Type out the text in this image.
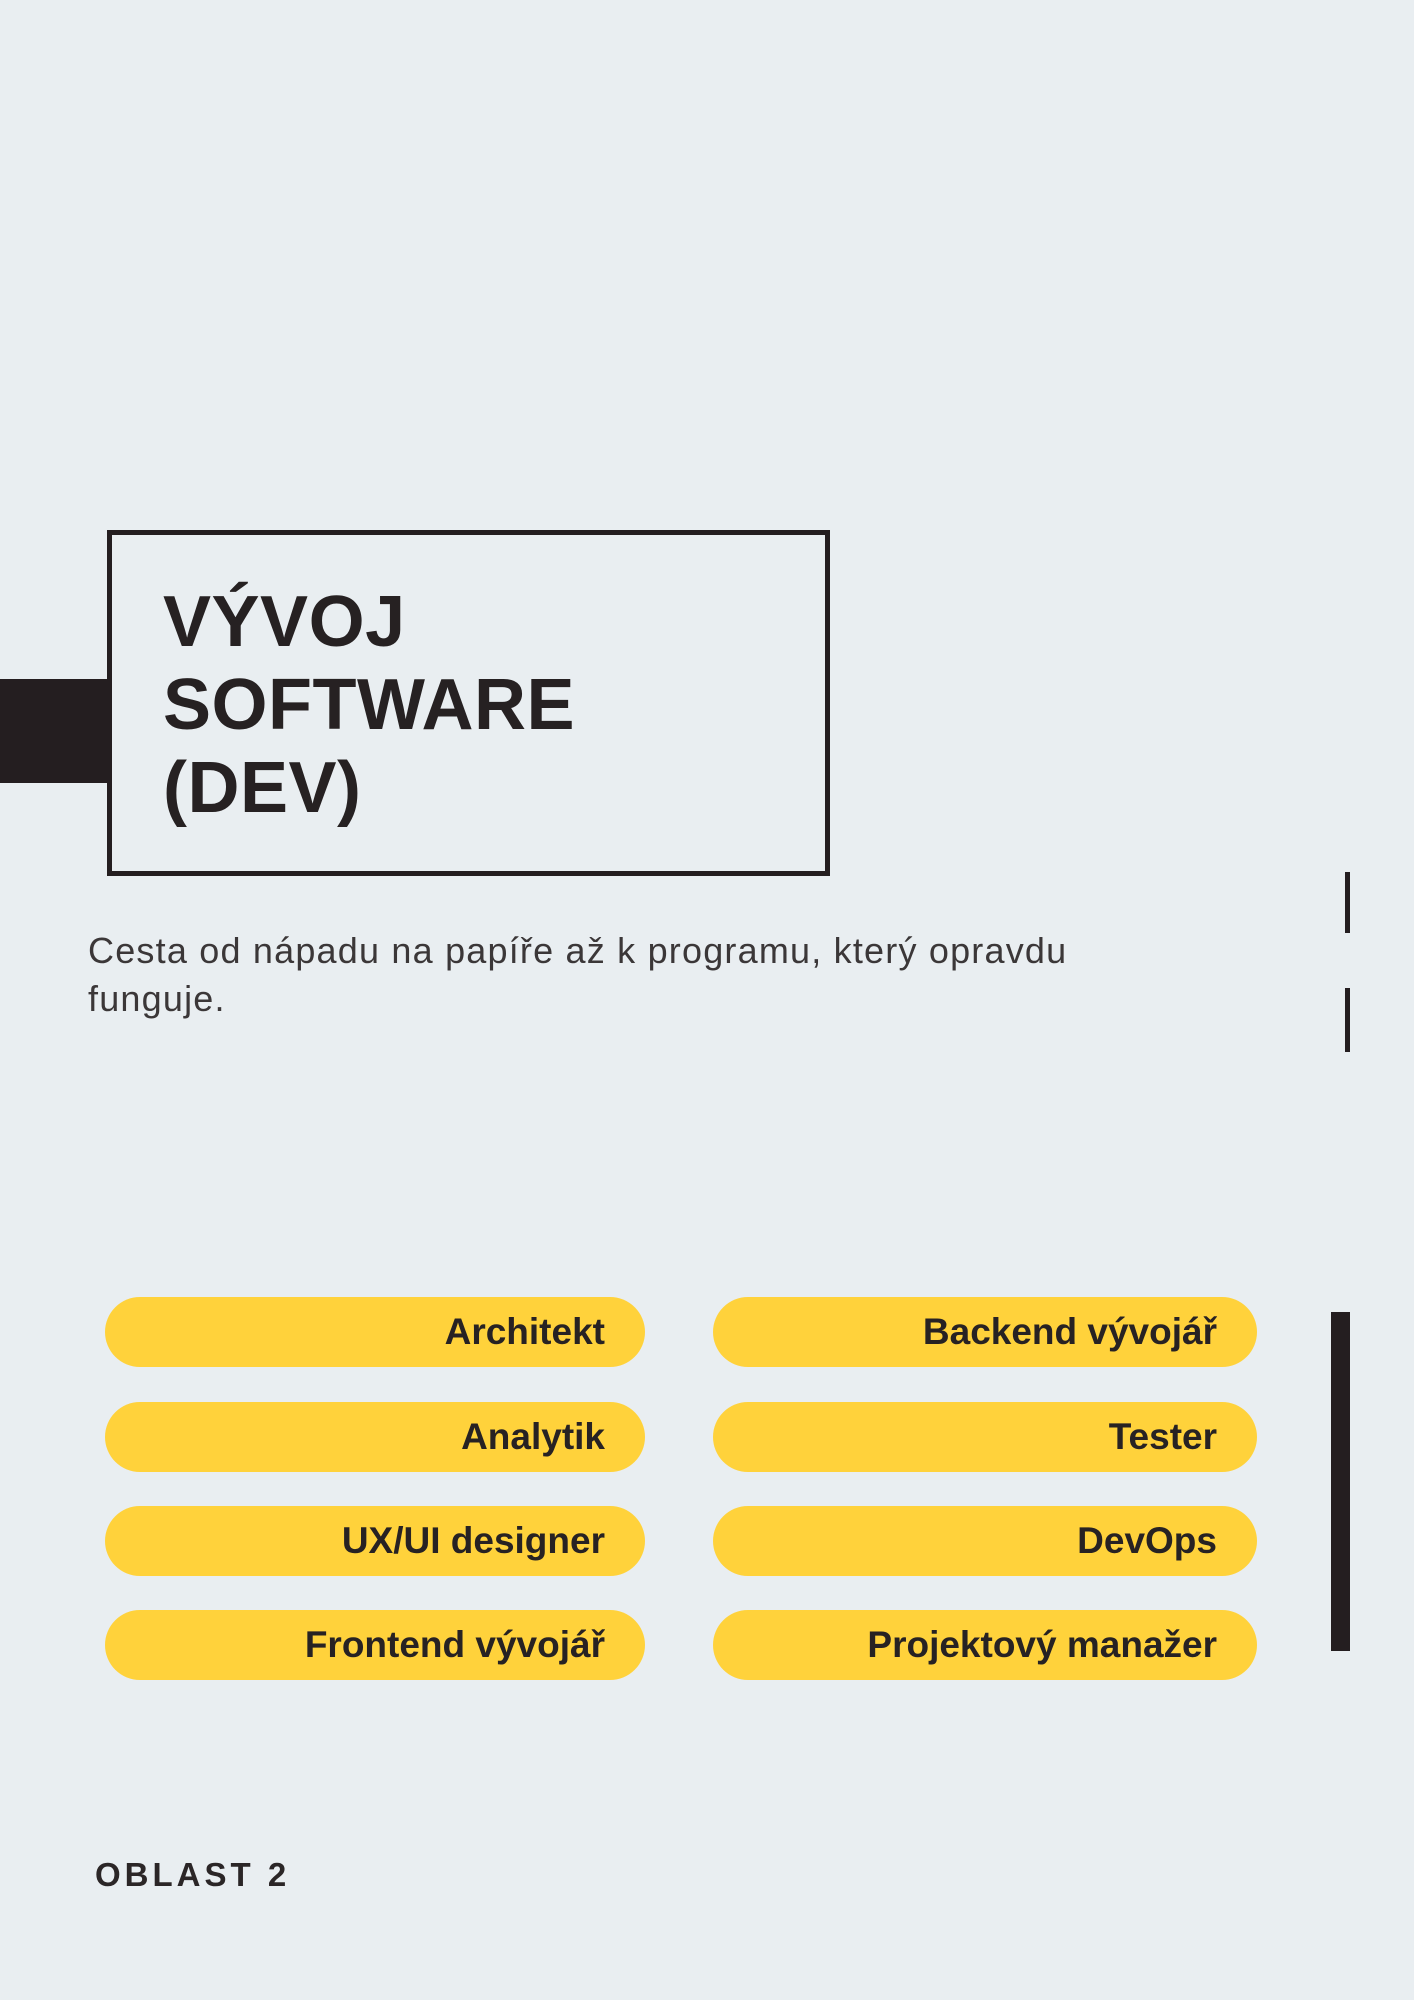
VÝVOJ
SOFTWARE
(DEV)
Cesta od nápadu na papíře až k programu, který opravdu
funguje.
Architekt
Analytik
UX/UI designer
Frontend vývojář
Backend vývojář
Tester
DevOps
Projektový manažer
OBLAST 2
